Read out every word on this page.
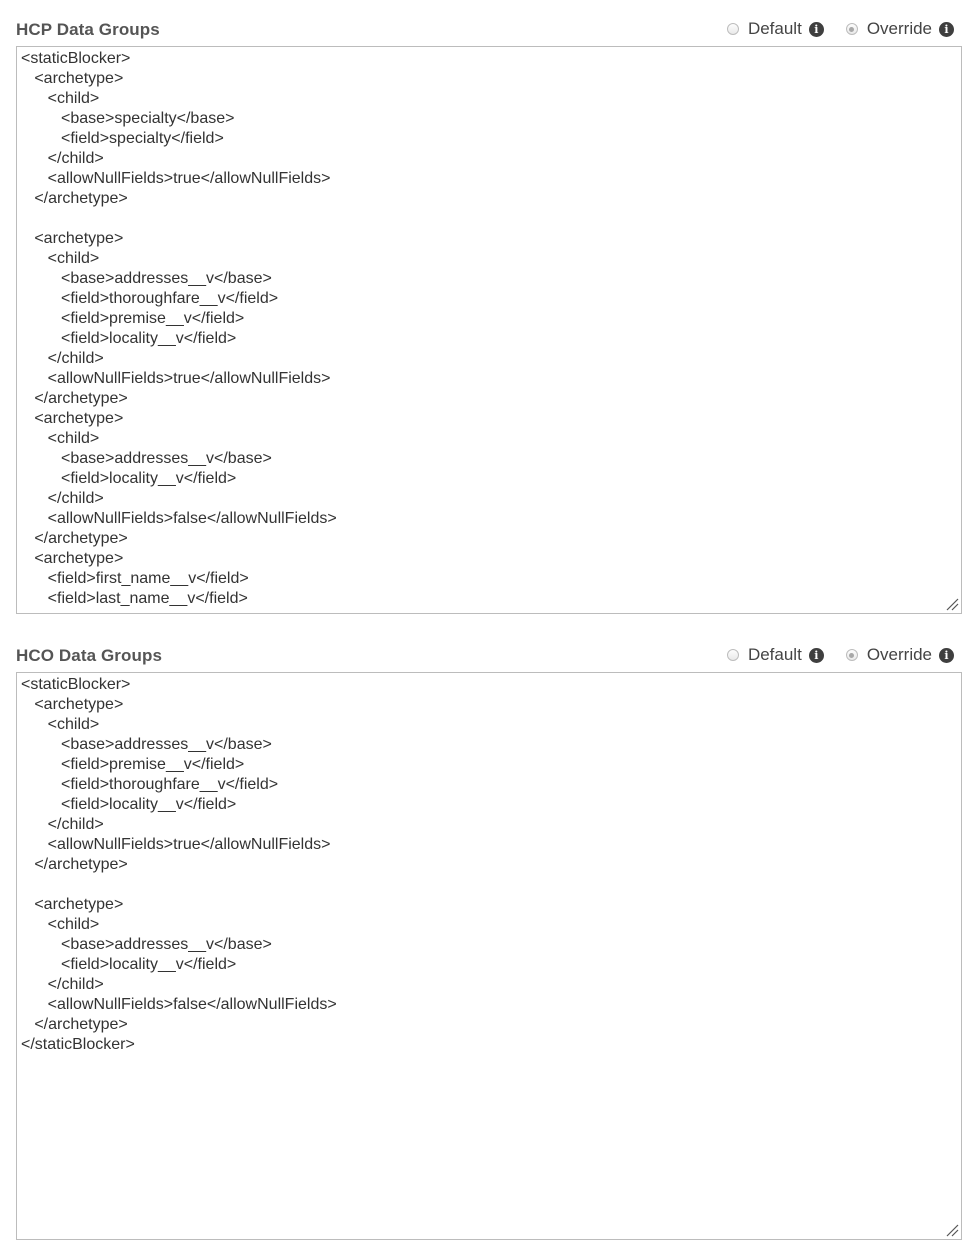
HCP Data Groups	Default	i	Override	i
<staticBlocker>
<archetype>
<child>
<base>specialty</base>
<field>specialty</field>
</child>
<allowNullFields>true</allowNullFields>
</archetype>
<archetype>
<child>
<base>addresses__v</base>
<field>thoroughfare__v</field>
<field>premise__v</field>
<field>locality__v</field>
</child>
<allowNullFields>true</allowNullFields>
</archetype>
<archetype>
<child>
<base>addresses__v</base>
<field>locality__v</field>
</child>
<allowNullFields>false</allowNullFields>
</archetype>
<archetype>
<field>first_name__v</field>
<field>last_name__v</field>
HCO Data Groups	Default	i	Override	i
<staticBlocker>
<archetype>
<child>
<base>addresses__v</base>
<field>premise__v</field>
<field>thoroughfare__v</field>
<field>locality__v</field>
</child>
<allowNullFields>true</allowNullFields>
</archetype>
<archetype>
<child>
<base>addresses__v</base>
<field>locality__v</field>
</child>
<allowNullFields>false</allowNullFields>
</archetype>
</staticBlocker>
